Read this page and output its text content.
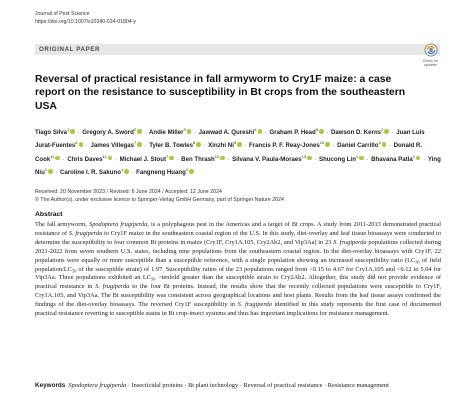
Journal of Pest Science
https://doi.org/10.1007/s10340-024-01804-y
ORIGINAL PAPER
Check for
updates
Reversal of practical resistance in fall armyworm to Cry1F maize: a case report on the resistance to susceptibility in Bt crops from the southeastern USA
Tiago Silva$^1$ · Gregory A. Sword$^2$ · Andie Miller$^3$ · Jawwad A. Qureshi$^4$ · Graham P. Head$^5$ · Dawson D. Kerns$^2$ · Juan Luis Jurat-Fuentes$^6$ · James Villegas$^7$ · Tyler B. Towles$^8$ · Xinzhi $Ni^9$ · Francis P. F. Reay-Jones$^{10}$ · Daniel Carrillo$^4$ · Donald R. Cook$^{11}$ · Chris Daves$^{11}$ · Michael J. Stout$^7$ · Ben Thrash$^{12}$ · Silvana V. Paula-Moraes$^{13}$ · Shucong Lin$^1$ · Bhavana Patla$^1$ · Ying Niu$^1$ · Caroline I. R. Sakuno$^1$ · Fangneng Huang$^1$
Received: 20 November 2023 / Revised: 6 June 2024 / Accepted: 12 June 2024
© The Author(s), under exclusive licence to Springer-Verlag GmbH Germany, part of Springer Nature 2024
Abstract
The fall armyworm, Spodoptera frugiperda, is a polyphagous pest in the Americas and a target of Bt crops. A study from 2011-2013 demonstrated practical resistance of S. frugiperda to Cry1F maize in the southeastern coastal region of the U.S. In this study, diet-overlay and leaf tissue bioassays were conducted to determine the susceptibility to four common Bt proteins in maize (Cry1F, Cry1A.105, Cry2Ab2, and Vip3Aa) in 23 S. frugiperda populations collected during 2021-2022 from seven southern U.S. states, including nine populations from the southeastern coastal region. In the diet-overlay bioassays with Cry1F, 22 populations were equally or more susceptible than a susceptible reference, with a single population showing an increased susceptibility ratio ($LC_{50}$ of field population/$LC_{50}$ of the susceptible strain) of 1.97. Susceptibility ratios of the 23 populations ranged from <0.15 to 4.67 for Cry1A.105 and <0.12 to 5.04 for Vip3Aa. Three populations exhibited an $LC_{50}$ >tenfold greater than the susceptible strain to Cry2Ab2. Altogether, this study did not provide evidence of practical resistance in S. frugiperda to the four Bt proteins. Instead, the results show that the recently collected populations were susceptible to Cry1F, Cry1A.105, and Vip3Aa. The Bt susceptibility was consistent across geographical locations and host plants. Results from the leaf tissue assays confirmed the findings of the diet-overlay bioassays. The reversed Cry1F susceptibility in S. frugiperda identified in this study represents the first case of documented practical resistance reverting to susceptible status in Bt crop-insect systems and thus has important implications for resistance management.
Keywords Spodoptera frugiperda · Insecticidal proteins · Bt plant technology · Reversal of practical resistance · Resistance management
